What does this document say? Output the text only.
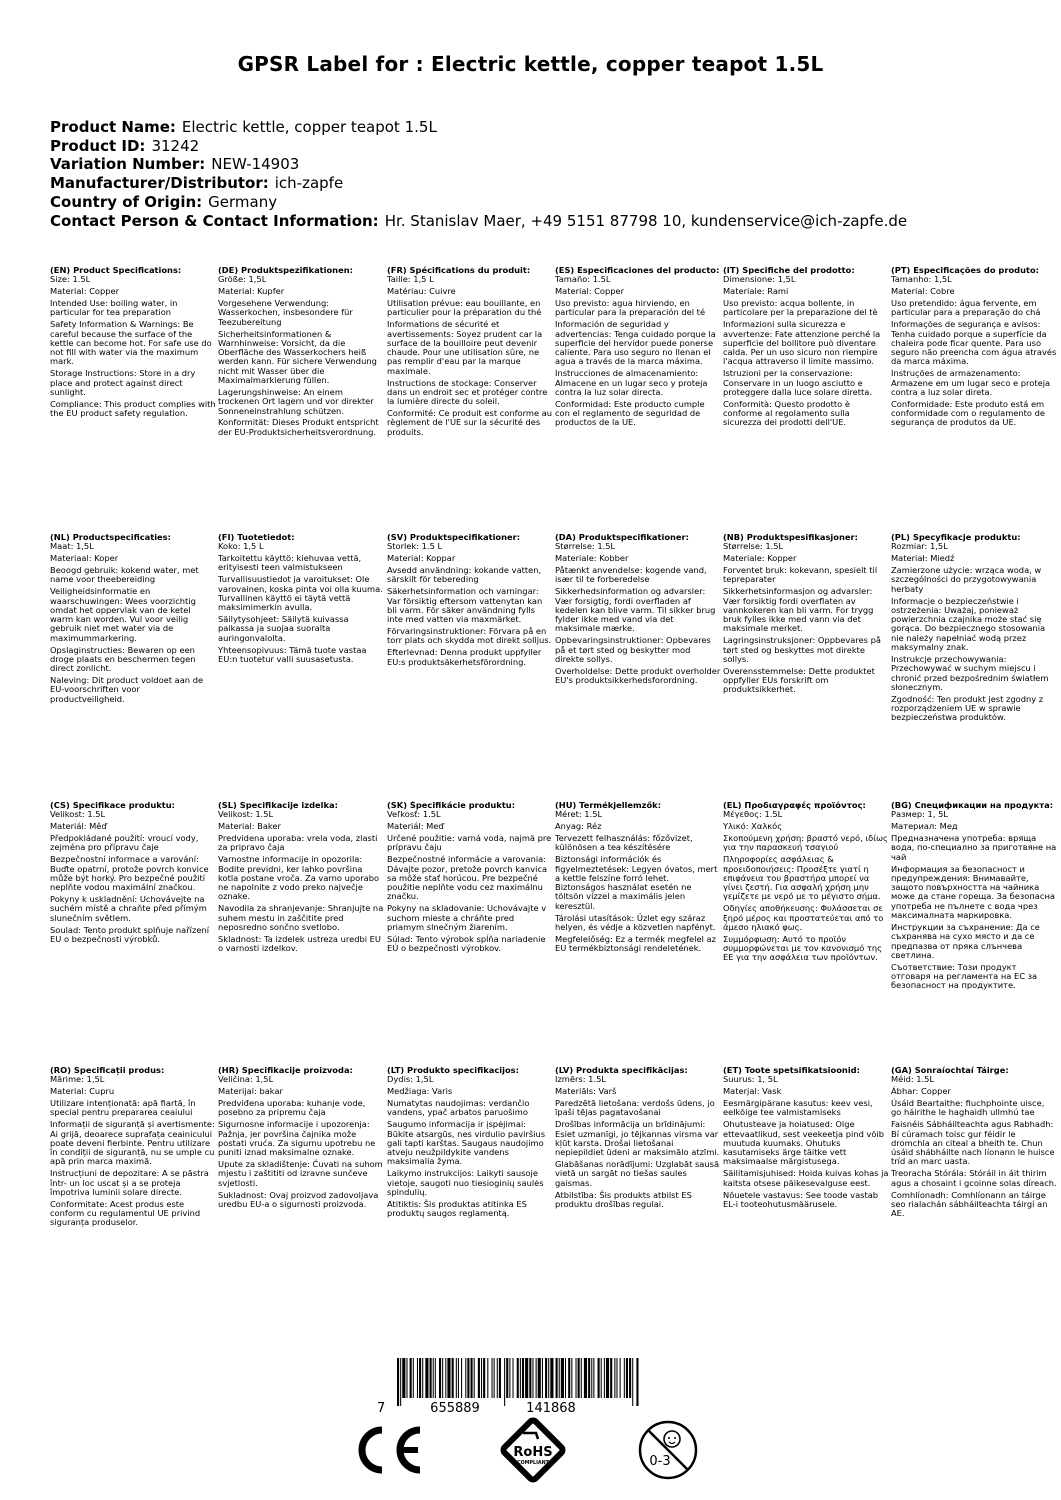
GPSR Label for : Electric kettle, copper teapot 1.5L
Product Name: Electric kettle, copper teapot 1.5L
Product ID: 31242
Variation Number: NEW-14903
Manufacturer/Distributor: ich-zapfe
Country of Origin: Germany
Contact Person & Contact Information: Hr. Stanislav Maer, +49 5151 87798 10, kundenservice@ich-zapfe.de
(EN) Product Specifications:
Size: 1.5L
Material: Copper
Intended Use: boiling water, in particular for tea preparation
Safety Information & Warnings: Be careful because the surface of the kettle can become hot. For safe use do not fill with water via the maximum mark.
Storage Instructions: Store in a dry place and protect against direct sunlight.
Compliance: This product complies with the EU product safety regulation.
(DE) Produktspezifikationen:
Größe: 1,5L
Material: Kupfer
Vorgesehene Verwendung: Wasserkochen, insbesondere für Teezubereitung
Sicherheitsinformationen & Warnhinweise: Vorsicht, da die Oberfläche des Wasserkochers heiß werden kann. Für sichere Verwendung nicht mit Wasser über die Maximalmarkierung füllen.
Lagerungshinweise: An einem trockenen Ort lagern und vor direkter Sonneneinstrahlung schützen.
Konformität: Dieses Produkt entspricht der EU-Produktsicherheitsverordnung.
(FR) Spécifications du produit:
Taille: 1,5 L
Matériau: Cuivre
Utilisation prévue: eau bouillante, en particulier pour la préparation du thé
Informations de sécurité et avertissements: Soyez prudent car la surface de la bouilloire peut devenir chaude. Pour une utilisation sûre, ne pas remplir d'eau par la marque maximale.
Instructions de stockage: Conserver dans un endroit sec et protéger contre la lumière directe du soleil.
Conformité: Ce produit est conforme au règlement de l'UE sur la sécurité des produits.
(ES) Especificaciones del producto:
Tamaño: 1.5L
Material: Copper
Uso previsto: agua hirviendo, en particular para la preparación del té
Información de seguridad y advertencias: Tenga cuidado porque la superficie del hervidor puede ponerse caliente. Para uso seguro no llenan el agua a través de la marca máxima.
Instrucciones de almacenamiento: Almacene en un lugar seco y proteja contra la luz solar directa.
Conformidad: Este producto cumple con el reglamento de seguridad de productos de la UE.
(IT) Specifiche del prodotto:
Dimensione: 1,5L
Materiale: Rami
Uso previsto: acqua bollente, in particolare per la preparazione del tè
Informazioni sulla sicurezza e avvertenze: Fate attenzione perché la superficie del bollitore può diventare calda. Per un uso sicuro non riempire l'acqua attraverso il limite massimo.
Istruzioni per la conservazione: Conservare in un luogo asciutto e proteggere dalla luce solare diretta.
Conformità: Questo prodotto è conforme al regolamento sulla sicurezza dei prodotti dell'UE.
(PT) Especificações do produto:
Tamanho: 1,5L
Material: Cobre
Uso pretendido: água fervente, em particular para a preparação do chá
Informações de segurança e avisos: Tenha cuidado porque a superfície da chaleira pode ficar quente. Para uso seguro não preencha com água através da marca máxima.
Instruções de armazenamento: Armazene em um lugar seco e proteja contra a luz solar direta.
Conformidade: Este produto está em conformidade com o regulamento de segurança de produtos da UE.
(NL) Productspecificaties:
Maat: 1,5L
Materiaal: Koper
Beoogd gebruik: kokend water, met name voor theebereiding
Veiligheidsinformatie en waarschuwingen: Wees voorzichtig omdat het oppervlak van de ketel warm kan worden. Vul voor veilig gebruik niet met water via de maximummarkering.
Opslaginstructies: Bewaren op een droge plaats en beschermen tegen direct zonlicht.
Naleving: Dit product voldoet aan de EU-voorschriften voor productveiligheid.
(FI) Tuotetiedot:
Koko: 1,5 L
Tarkoitettu käyttö: kiehuvaa vettä, erityisesti teen valmistukseen
Turvallisuustiedot ja varoitukset: Ole varovainen, koska pinta voi olla kuuma. Turvallinen käyttö ei täytä vettä maksimimerkin avulla.
Säilytysohjeet: Säilytä kuivassa paikassa ja suojaa suoralta auringonvalolta.
Yhteensopivuus: Tämä tuote vastaa EU:n tuotetur valli suusasetusta.
(SV) Produktspecifikationer:
Storlek: 1.5 L
Material: Koppar
Avsedd användning: kokande vatten, särskilt för tebereding
Säkerhetsinformation och varningar: Var försiktig eftersom vattenytan kan bli varm. För säker användning fylls inte med vatten via maxmärket.
Förvaringsinstruktioner: Förvara på en torr plats och skydda mot direkt solljus.
Efterlevnad: Denna produkt uppfyller EU:s produktsäkerhetsförordning.
(DA) Produktspecifikationer:
Størrelse: 1.5L
Materiale: Kobber
Påtænkt anvendelse: kogende vand, især til te forberedelse
Sikkerhedsinformation og advarsler: Vær forsigtig, fordi overfladen af kedelen kan blive varm. Til sikker brug fylder ikke med vand via det maksimale mærke.
Opbevaringsinstruktioner: Opbevares på et tørt sted og beskytter mod direkte sollys.
Overholdelse: Dette produkt overholder EU's produktsikkerhedsforordning.
(NB) Produktspesifikasjoner:
Størrelse: 1.5L
Materiale: Kopper
Forventet bruk: kokevann, spesielt til tepreparater
Sikkerhetsinformasjon og advarsler: Vær forsiktig fordi overflaten av vannkokeren kan bli varm. For trygg bruk fylles ikke med vann via det maksimale merket.
Lagringsinstruksjoner: Oppbevares på tørt sted og beskyttes mot direkte sollys.
Overensstemmelse: Dette produktet oppfyller EUs forskrift om produktsikkerhet.
(PL) Specyfikacje produktu:
Rozmiar: 1,5L
Materiał: Miedź
Zamierzone użycie: wrząca woda, w szczególności do przygotowywania herbaty
Informacje o bezpieczeństwie i ostrzeżenia: Uważaj, ponieważ powierzchnia czajnika może stać się gorąca. Do bezpiecznego stosowania nie należy napełniać wodą przez maksymalny znak.
Instrukcje przechowywania: Przechowywać w suchym miejscu i chronić przed bezpośrednim światłem słonecznym.
Zgodność: Ten produkt jest zgodny z rozporządzeniem UE w sprawie bezpieczeństwa produktów.
(CS) Specifikace produktu:
Velikost: 1.5L
Materiál: Měď
Předpokládané použití: vroucí vody, zejména pro přípravu čaje
Bezpečnostní informace a varování: Buďte opatrní, protože povrch konvice může být horký. Pro bezpečné použití neplňte vodou maximální značkou.
Pokyny k uskladnění: Uchovávejte na suchém místě a chraňte před přímým slunečním světlem.
Soulad: Tento produkt splňuje nařízení EU o bezpečnosti výrobků.
(SL) Specifikacije izdelka:
Velikost: 1.5L
Material: Baker
Predvidena uporaba: vrela voda, zlasti za pripravo čaja
Varnostne informacije in opozorila: Bodite previdni, ker lahko površina kotla postane vroča. Za varno uporabo ne napolnite z vodo preko največje oznake.
Navodila za shranjevanje: Shranjujte na suhem mestu in zaščitite pred neposredno sončno svetlobo.
Skladnost: Ta izdelek ustreza uredbi EU o varnosti izdelkov.
(SK) Špecifikácie produktu:
Veľkosť: 1.5L
Materiál: Meď
Určené použitie: varná voda, najmä pre prípravu čaju
Bezpečnostné informácie a varovania: Dávajte pozor, pretože povrch kanvica sa môže stať horúcou. Pre bezpečné použitie neplňte vodu cez maximálnu značku.
Pokyny na skladovanie: Uchovávajte v suchom mieste a chráňte pred priamym slnečným žiarením.
Súlad: Tento výrobok spĺňa nariadenie EÚ o bezpečnosti výrobkov.
(HU) Termékjellemzők:
Méret: 1.5L
Anyag: Réz
Tervezett felhasználás: főzővizet, különösen a tea készítésére
Biztonsági információk és figyelmeztetések: Legyen óvatos, mert a kettle felszíne forró lehet. Biztonságos használat esetén ne töltsön vízzel a maximális jelen keresztül.
Tárolási utasítások: Üzlet egy száraz helyen, és védje a közvetlen napfényt.
Megfelelőség: Ez a termék megfelel az EU termékbiztonsági rendeletének.
(EL) Προδιαγραφές προϊόντος:
Μέγεθος: 1.5L
Υλικό: Χαλκός
Σκοπούμενη χρήση: βραστό νερό, ιδίως για την παρασκευή τσαγιού
Πληροφορίες ασφάλειας & προειδοποιήσεις: Προσέξτε γιατί η επιφάνεια του βραστήρα μπορεί να γίνει ζεστή. Για ασφαλή χρήση μην γεμίζετε με νερό με το μέγιστο σήμα.
Οδηγίες αποθήκευσης: Φυλάσσεται σε ξηρό μέρος και προστατεύεται από το άμεσο ηλιακό φως.
Συμμόρφωση: Αυτό το προϊόν συμμορφώνεται με τον κανονισμό της ΕΕ για την ασφάλεια των προϊόντων.
(BG) Спецификации на продукта:
Размер: 1, 5L
Материал: Мед
Предназначена употреба: вряща вода, по-специално за приготвяне на чай
Информация за безопасност и предупреждения: Внимавайте, защото повърхността на чайника може да стане гореща. За безопасна употреба не пълнете с вода чрез максималната маркировка.
Инструкции за съхранение: Да се съхранява на сухо място и да се предпазва от пряка слънчева светлина.
Съответствие: Този продукт отговаря на регламента на ЕС за безопасност на продуктите.
(RO) Specificații produs:
Mărime: 1,5L
Material: Cupru
Utilizare intenționată: apă fiartă, în special pentru prepararea ceaiului
Informații de siguranță și avertismente: Ai grijă, deoarece suprafața ceainicului poate deveni fierbinte. Pentru utilizare în condiții de siguranță, nu se umple cu apă prin marca maximă.
Instrucțiuni de depozitare: A se păstra într- un loc uscat și a se proteja împotriva luminii solare directe.
Conformitate: Acest produs este conform cu regulamentul UE privind siguranța produselor.
(HR) Specifikacije proizvoda:
Veličina: 1,5L
Materijal: bakar
Predviđena uporaba: kuhanje vode, posebno za pripremu čaja
Sigurnosne informacije i upozorenja: Pažnja, jer površina čajnika može postati vruća. Za sigurnu upotrebu ne puniti iznad maksimalne oznake.
Upute za skladištenje: Čuvati na suhom mjestu i zaštititi od izravne sunčeve svjetlosti.
Sukladnost: Ovaj proizvod zadovoljava uredbu EU-a o sigurnosti proizvoda.
(LT) Produkto specifikacijos:
Dydis: 1,5L
Medžiaga: Varis
Numatytas naudojimas: verdančio vandens, ypač arbatos paruošimo
Saugumo informacija ir įspėjimai: Būkite atsargūs, nes virdulio paviršius gali tapti karštas. Saugaus naudojimo atveju neužpildykite vandens maksimalia žyma.
Laikymo instrukcijos: Laikyti sausoje vietoje, saugoti nuo tiesioginių saulės spindulių.
Atitiktis: Šis produktas atitinka ES produktų saugos reglamentą.
(LV) Produkta specifikācijas:
Izmērs: 1.5L
Materiāls: Varš
Paredzētā lietošana: verdošs ūdens, jo īpaši tējas pagatavošanai
Drošības informācija un brīdinājumi: Esiet uzmanīgi, jo tējkannas virsma var kļūt karsta. Drošai lietošanai nepiepildiet ūdeni ar maksimālo atzīmi.
Glabāšanas norādījumi: Uzglabāt sausā vietā un sargāt no tiešas saules gaismas.
Atbilstība: Šis produkts atbilst ES produktu drošības regulai.
(ET) Toote spetsifikatsioonid:
Suurus: 1, 5L
Materjal: Vask
Eesmärgipärane kasutus: keev vesi, eelkõige tee valmistamiseks
Ohutusteave ja hoiatused: Olge ettevaatlikud, sest veekeetja pind võib muutuda kuumaks. Ohutuks kasutamiseks ärge täitke vett maksimaalse märgistusega.
Säilitamisjuhised: Hoida kuivas kohas ja kaitsta otsese päikesevalguse eest.
Nõuetele vastavus: See toode vastab EL-i tooteohutusmäärusele.
(GA) Sonraíochtaí Táirge:
Méid: 1.5L
Ábhar: Copper
Úsáid Beartaithe: fiuchphointe uisce, go háirithe le haghaidh ullmhú tae
Faisnéis Sábháilteachta agus Rabhadh: Bí cúramach toisc gur féidir le dromchla an citeal a bheith te. Chun úsáid shábháilte nach líonann le huisce tríd an marc uasta.
Treoracha Stórála: Stóráil in áit thirim agus a chosaint i gcoinne solas díreach.
Comhlíonadh: Comhlíonann an táirge seo rialachán sábháilteachta táirgí an AE.
7	655889	141868
RoHS
COMPLIANT	0-3
